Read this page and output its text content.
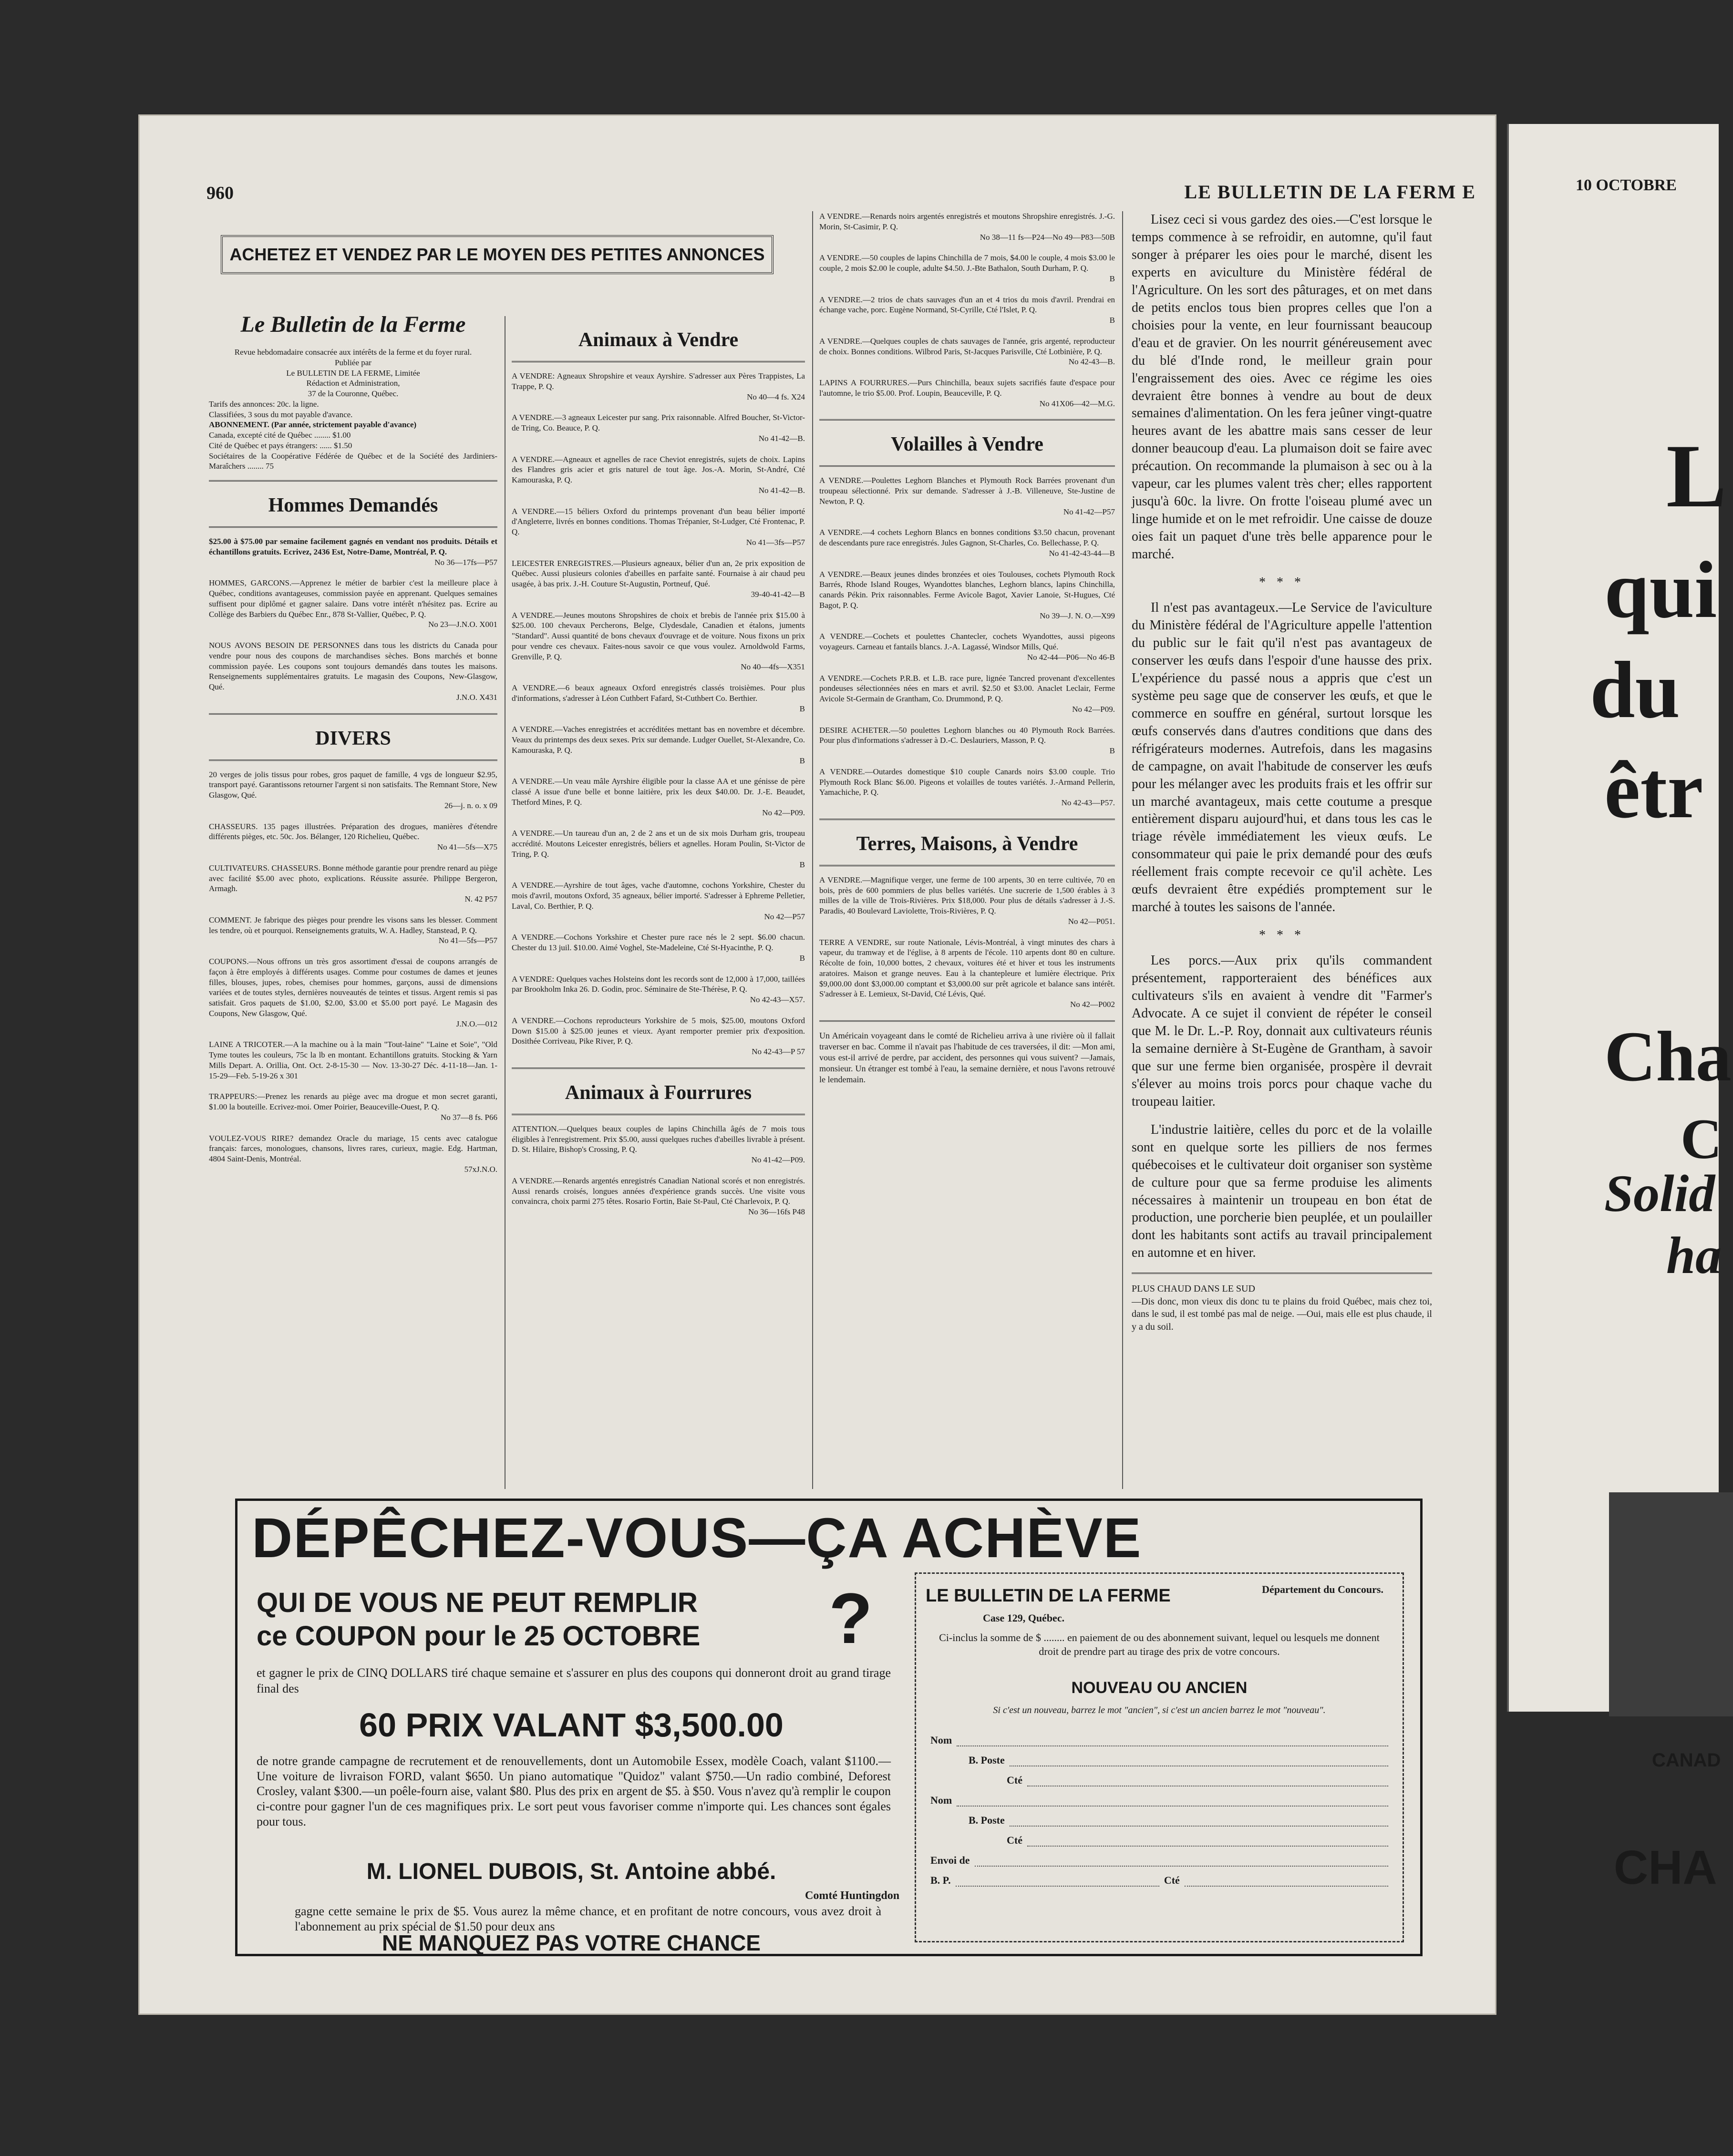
10 OCTOBRE
L
qui
du
êtr
Cha
C
Solid
ha
CANAD
CHA
960	LE BULLETIN DE LA FERM E
ACHETEZ ET VENDEZ PAR LE MOYEN DES PETITES ANNONCES
Le Bulletin de la Ferme
Revue hebdomadaire consacrée aux intérêts de la ferme et du foyer rural.
Publiée par
Le BULLETIN DE LA FERME, Limitée
Rédaction et Administration,
37 de la Couronne, Québec.
Tarifs des annonces: 20c. la ligne.
Classifiées, 3 sous du mot payable d'avance.
ABONNEMENT. (Par année, strictement payable d'avance)
Canada, excepté cité de Québec ........ $1.00
Cité de Québec et pays étrangers: ...... $1.50
Sociétaires de la Coopérative Fédérée de Québec et de la Société des Jardiniers-Maraîchers ........ 75
Hommes Demandés
$25.00 à $75.00 par semaine facilement gagnés en vendant nos produits. Détails et échantillons gratuits. Ecrivez, 2436 Est, Notre-Dame, Montréal, P. Q.
No 36—17fs—P57
HOMMES, GARCONS.—Apprenez le métier de barbier c'est la meilleure place à Québec, conditions avantageuses, commission payée en apprenant. Quelques semaines suffisent pour diplômé et gagner salaire. Dans votre intérêt n'hésitez pas. Ecrire au Collège des Barbiers du Québec Enr., 878 St-Vallier, Québec, P. Q.
No 23—J.N.O. X001
NOUS AVONS BESOIN DE PERSONNES dans tous les districts du Canada pour vendre pour nous des coupons de marchandises sèches. Bons marchés et bonne commission payée. Les coupons sont toujours demandés dans toutes les maisons. Renseignements supplémentaires gratuits. Le magasin des Coupons, New-Glasgow, Qué.
J.N.O. X431
DIVERS
20 verges de jolis tissus pour robes, gros paquet de famille, 4 vgs de longueur $2.95, transport payé. Garantissons retourner l'argent si non satisfaits. The Remnant Store, New Glasgow, Qué.
26—j. n. o. x 09
CHASSEURS. 135 pages illustrées. Préparation des drogues, manières d'étendre différents pièges, etc. 50c. Jos. Bélanger, 120 Richelieu, Québec.
No 41—5fs—X75
CULTIVATEURS. CHASSEURS. Bonne méthode garantie pour prendre renard au piège avec facilité $5.00 avec photo, explications. Réussite assurée. Philippe Bergeron, Armagh.
N. 42 P57
COMMENT. Je fabrique des pièges pour prendre les visons sans les blesser. Comment les tendre, où et pourquoi. Renseignements gratuits, W. A. Hadley, Stanstead, P. Q.
No 41—5fs—P57
COUPONS.—Nous offrons un très gros assortiment d'essai de coupons arrangés de façon à être employés à différents usages. Comme pour costumes de dames et jeunes filles, blouses, jupes, robes, chemises pour hommes, garçons, aussi de dimensions variées et de toutes styles, dernières nouveautés de teintes et tissus. Argent remis si pas satisfait. Gros paquets de $1.00, $2.00, $3.00 et $5.00 port payé. Le Magasin des Coupons, New Glasgow, Qué.
J.N.O.—012
LAINE A TRICOTER.—A la machine ou à la main "Tout-laine" "Laine et Soie", "Old Tyme toutes les couleurs, 75c la lb en montant. Echantillons gratuits. Stocking & Yarn Mills Depart. A. Orillia, Ont. Oct. 2-8-15-30 — Nov. 13-30-27 Déc. 4-11-18—Jan. 1-15-29—Feb. 5-19-26 x 301
TRAPPEURS:—Prenez les renards au piège avec ma drogue et mon secret garanti, $1.00 la bouteille. Ecrivez-moi. Omer Poirier, Beauceville-Ouest, P. Q.
No 37—8 fs. P66
VOULEZ-VOUS RIRE? demandez Oracle du mariage, 15 cents avec catalogue français: farces, monologues, chansons, livres rares, curieux, magie. Edg. Hartman, 4804 Saint-Denis, Montréal.
57xJ.N.O.
Animaux à Vendre
A VENDRE: Agneaux Shropshire et veaux Ayrshire. S'adresser aux Pères Trappistes, La Trappe, P. Q.
No 40—4 fs. X24
A VENDRE.—3 agneaux Leicester pur sang. Prix raisonnable. Alfred Boucher, St-Victor-de Tring, Co. Beauce, P. Q.
No 41-42—B.
A VENDRE.—Agneaux et agnelles de race Cheviot enregistrés, sujets de choix. Lapins des Flandres gris acier et gris naturel de tout âge. Jos.-A. Morin, St-André, Cté Kamouraska, P. Q.
No 41-42—B.
A VENDRE.—15 béliers Oxford du printemps provenant d'un beau bélier importé d'Angleterre, livrés en bonnes conditions. Thomas Trépanier, St-Ludger, Cté Frontenac, P. Q.
No 41—3fs—P57
LEICESTER ENREGISTRES.—Plusieurs agneaux, bélier d'un an, 2e prix exposition de Québec. Aussi plusieurs colonies d'abeilles en parfaite santé. Fournaise à air chaud peu usagée, à bas prix. J.-H. Couture St-Augustin, Portneuf, Qué.
39-40-41-42—B
A VENDRE.—Jeunes moutons Shropshires de choix et brebis de l'année prix $15.00 à $25.00. 100 chevaux Percherons, Belge, Clydesdale, Canadien et étalons, juments "Standard". Aussi quantité de bons chevaux d'ouvrage et de voiture. Nous fixons un prix pour vendre ces chevaux. Faites-nous savoir ce que vous voulez. Arnoldwold Farms, Grenville, P. Q.
No 40—4fs—X351
A VENDRE.—6 beaux agneaux Oxford enregistrés classés troisièmes. Pour plus d'informations, s'adresser à Léon Cuthbert Fafard, St-Cuthbert Co. Berthier.
B
A VENDRE.—Vaches enregistrées et accréditées mettant bas en novembre et décembre. Veaux du printemps des deux sexes. Prix sur demande. Ludger Ouellet, St-Alexandre, Co. Kamouraska, P. Q.
B
A VENDRE.—Un veau mâle Ayrshire éligible pour la classe AA et une génisse de père classé A issue d'une belle et bonne laitière, prix les deux $40.00. Dr. J.-E. Beaudet, Thetford Mines, P. Q.
No 42—P09.
A VENDRE.—Un taureau d'un an, 2 de 2 ans et un de six mois Durham gris, troupeau accrédité. Moutons Leicester enregistrés, béliers et agnelles. Horam Poulin, St-Victor de Tring, P. Q.
B
A VENDRE.—Ayrshire de tout âges, vache d'automne, cochons Yorkshire, Chester du mois d'avril, moutons Oxford, 35 agneaux, bélier importé. S'adresser à Ephreme Pelletier, Laval, Co. Berthier, P. Q.
No 42—P57
A VENDRE.—Cochons Yorkshire et Chester pure race nés le 2 sept. $6.00 chacun. Chester du 13 juil. $10.00. Aimé Voghel, Ste-Madeleine, Cté St-Hyacinthe, P. Q.
B
A VENDRE: Quelques vaches Holsteins dont les records sont de 12,000 à 17,000, taillées par Brookholm Inka 26. D. Godin, proc. Séminaire de Ste-Thérèse, P. Q.
No 42-43—X57.
A VENDRE.—Cochons reproducteurs Yorkshire de 5 mois, $25.00, moutons Oxford Down $15.00 à $25.00 jeunes et vieux. Ayant remporter premier prix d'exposition. Dosithée Corriveau, Pike River, P. Q.
No 42-43—P 57
Animaux à Fourrures
ATTENTION.—Quelques beaux couples de lapins Chinchilla âgés de 7 mois tous éligibles à l'enregistrement. Prix $5.00, aussi quelques ruches d'abeilles livrable à présent. D. St. Hilaire, Bishop's Crossing, P. Q.
No 41-42—P09.
A VENDRE.—Renards argentés enregistrés Canadian National scorés et non enregistrés. Aussi renards croisés, longues années d'expérience grands succès. Une visite vous convaincra, choix parmi 275 têtes. Rosario Fortin, Baie St-Paul, Cté Charlevoix, P. Q.
No 36—16fs P48
A VENDRE.—Renards noirs argentés enregistrés et moutons Shropshire enregistrés. J.-G. Morin, St-Casimir, P. Q.
No 38—11 fs—P24—No 49—P83—50B
A VENDRE.—50 couples de lapins Chinchilla de 7 mois, $4.00 le couple, 4 mois $3.00 le couple, 2 mois $2.00 le couple, adulte $4.50. J.-Bte Bathalon, South Durham, P. Q.
B
A VENDRE.—2 trios de chats sauvages d'un an et 4 trios du mois d'avril. Prendrai en échange vache, porc. Eugène Normand, St-Cyrille, Cté l'Islet, P. Q.
B
A VENDRE.—Quelques couples de chats sauvages de l'année, gris argenté, reproducteur de choix. Bonnes conditions. Wilbrod Paris, St-Jacques Parisville, Cté Lotbinière, P. Q.
No 42-43—B.
LAPINS A FOURRURES.—Purs Chinchilla, beaux sujets sacrifiés faute d'espace pour l'automne, le trio $5.00. Prof. Loupin, Beauceville, P. Q.
No 41X06—42—M.G.
Volailles à Vendre
A VENDRE.—Poulettes Leghorn Blanches et Plymouth Rock Barrées provenant d'un troupeau sélectionné. Prix sur demande. S'adresser à J.-B. Villeneuve, Ste-Justine de Newton, P. Q.
No 41-42—P57
A VENDRE.—4 cochets Leghorn Blancs en bonnes conditions $3.50 chacun, provenant de descendants pure race enregistrés. Jules Gagnon, St-Charles, Co. Bellechasse, P. Q.
No 41-42-43-44—B
A VENDRE.—Beaux jeunes dindes bronzées et oies Toulouses, cochets Plymouth Rock Barrés, Rhode Island Rouges, Wyandottes blanches, Leghorn blancs, lapins Chinchilla, canards Pékin. Prix raisonnables. Ferme Avicole Bagot, Xavier Lanoie, St-Hugues, Cté Bagot, P. Q.
No 39—J. N. O.—X99
A VENDRE.—Cochets et poulettes Chantecler, cochets Wyandottes, aussi pigeons voyageurs. Carneau et fantails blancs. J.-A. Lagassé, Windsor Mills, Qué.
No 42-44—P06—No 46-B
A VENDRE.—Cochets P.R.B. et L.B. race pure, lignée Tancred provenant d'excellentes pondeuses sélectionnées nées en mars et avril. $2.50 et $3.00. Anaclet Leclair, Ferme Avicole St-Germain de Grantham, Co. Drummond, P. Q.
No 42—P09.
DESIRE ACHETER.—50 poulettes Leghorn blanches ou 40 Plymouth Rock Barrées. Pour plus d'informations s'adresser à D.-C. Deslauriers, Masson, P. Q.
B
A VENDRE.—Outardes domestique $10 couple Canards noirs $3.00 couple. Trio Plymouth Rock Blanc $6.00. Pigeons et volailles de toutes variétés. J.-Armand Pellerin, Yamachiche, P. Q.
No 42-43—P57.
Terres, Maisons, à Vendre
A VENDRE.—Magnifique verger, une ferme de 100 arpents, 30 en terre cultivée, 70 en bois, près de 600 pommiers de plus belles variétés. Une sucrerie de 1,500 érables à 3 milles de la ville de Trois-Rivières. Prix $18,000. Pour plus de détails s'adresser à J.-S. Paradis, 40 Boulevard Laviolette, Trois-Rivières, P. Q.
No 42—P051.
TERRE A VENDRE, sur route Nationale, Lévis-Montréal, à vingt minutes des chars à vapeur, du tramway et de l'église, à 8 arpents de l'école. 110 arpents dont 80 en culture. Récolte de foin, 10,000 bottes, 2 chevaux, voitures été et hiver et tous les instruments aratoires. Maison et grange neuves. Eau à la chantepleure et lumière électrique. Prix $9,000.00 dont $3,000.00 comptant et $3,000.00 sur prêt agricole et balance sans intérêt. S'adresser à E. Lemieux, St-David, Cté Lévis, Qué.
No 42—P002
Un Américain voyageant dans le comté de Richelieu arriva à une rivière où il fallait traverser en bac. Comme il n'avait pas l'habitude de ces traversées, il dit: —Mon ami, vous est-il arrivé de perdre, par accident, des personnes qui vous suivent? —Jamais, monsieur. Un étranger est tombé à l'eau, la semaine dernière, et nous l'avons retrouvé le lendemain.

Lisez ceci si vous gardez des oies.—C'est lorsque le temps commence à se refroidir, en automne, qu'il faut songer à préparer les oies pour le marché, disent les experts en aviculture du Ministère fédéral de l'Agriculture. On les sort des pâturages, et on met dans de petits enclos tous bien propres celles que l'on a choisies pour la vente, en leur fournissant beaucoup d'eau et de gravier. On les nourrit généreusement avec du blé d'Inde rond, le meilleur grain pour l'engraissement des oies. Avec ce régime les oies devraient être bonnes à vendre au bout de deux semaines d'alimentation. On les fera jeûner vingt-quatre heures avant de les abattre mais sans cesser de leur donner beaucoup d'eau. La plumaison doit se faire avec précaution. On recommande la plumaison à sec ou à la vapeur, car les plumes valent très cher; elles rapportent jusqu'à 60c. la livre. On frotte l'oiseau plumé avec un linge humide et on le met refroidir. Une caisse de douze oies fait un paquet d'une très belle apparence pour le marché.

* * *

Il n'est pas avantageux.—Le Service de l'aviculture du Ministère fédéral de l'Agriculture appelle l'attention du public sur le fait qu'il n'est pas avantageux de conserver les œufs dans l'espoir d'une hausse des prix. L'expérience du passé nous a appris que c'est un système peu sage que de conserver les œufs, et que le commerce en souffre en général, surtout lorsque les œufs conservés dans d'autres conditions que dans des réfrigérateurs modernes. Autrefois, dans les magasins de campagne, on avait l'habitude de conserver les œufs pour les mélanger avec les produits frais et les offrir sur un marché avantageux, mais cette coutume a presque entièrement disparu aujourd'hui, et dans tous les cas le triage révèle immédiatement les vieux œufs. Le consommateur qui paie le prix demandé pour des œufs réellement frais compte recevoir ce qu'il achète. Les œufs devraient être expédiés promptement sur le marché à toutes les saisons de l'année.

* * *

Les porcs.—Aux prix qu'ils commandent présentement, rapporteraient des bénéfices aux cultivateurs s'ils en avaient à vendre dit "Farmer's Advocate. A ce sujet il convient de répéter le conseil que M. le Dr. L.-P. Roy, donnait aux cultivateurs réunis la semaine dernière à St-Eugène de Grantham, à savoir que sur une ferme bien organisée, prospère il devrait s'élever au moins trois porcs pour chaque vache du troupeau laitier.

L'industrie laitière, celles du porc et de la volaille sont en quelque sorte les pilliers de nos fermes québecoises et le cultivateur doit organiser son système de culture pour que sa ferme produise les aliments nécessaires à maintenir un troupeau en bon état de production, une porcherie bien peuplée, et un poulailler dont les habitants sont actifs au travail principalement en automne et en hiver.

PLUS CHAUD DANS LE SUD
—Dis donc, mon vieux dis donc tu te plains du froid Québec, mais chez toi, dans le sud, il est tombé pas mal de neige. —Oui, mais elle est plus chaude, il y a du soil.
DÉPÊCHEZ-VOUS—ÇA ACHÈVE
QUI DE VOUS NE PEUT REMPLIR
ce COUPON pour le 25 OCTOBRE ?
et gagner le prix de CINQ DOLLARS tiré chaque semaine et s'assurer en plus des coupons qui donneront droit au grand tirage final des
60 PRIX VALANT $3,500.00
de notre grande campagne de recrutement et de renouvellements, dont un Automobile Essex, modèle Coach, valant $1100.—Une voiture de livraison FORD, valant $650. Un piano automatique "Quidoz" valant $750.—Un radio combiné, Deforest Crosley, valant $300.—un poêle-fourn aise, valant $80. Plus des prix en argent de $5. à $50. Vous n'avez qu'à remplir le coupon ci-contre pour gagner l'un de ces magnifiques prix. Le sort peut vous favoriser comme n'importe qui. Les chances sont égales pour tous.
M. LIONEL DUBOIS, St. Antoine abbé.
Comté Huntingdon
gagne cette semaine le prix de $5. Vous aurez la même chance, et en profitant de notre concours, vous avez droit à l'abonnement au prix spécial de $1.50 pour deux ans
NE MANQUEZ PAS VOTRE CHANCE
LE BULLETIN DE LA FERME
Case 129, Québec.
Département du Concours.
Ci-inclus la somme de $ ........ en paiement de ou des abonnement suivant, lequel ou lesquels me donnent droit de prendre part au tirage des prix de votre concours.
NOUVEAU OU ANCIEN
Si c'est un nouveau, barrez le mot "ancien", si c'est un ancien barrez le mot "nouveau".
Nom
B. Poste
Cté
Nom
B. Poste
Cté
Envoi de
B. P.	Cté
